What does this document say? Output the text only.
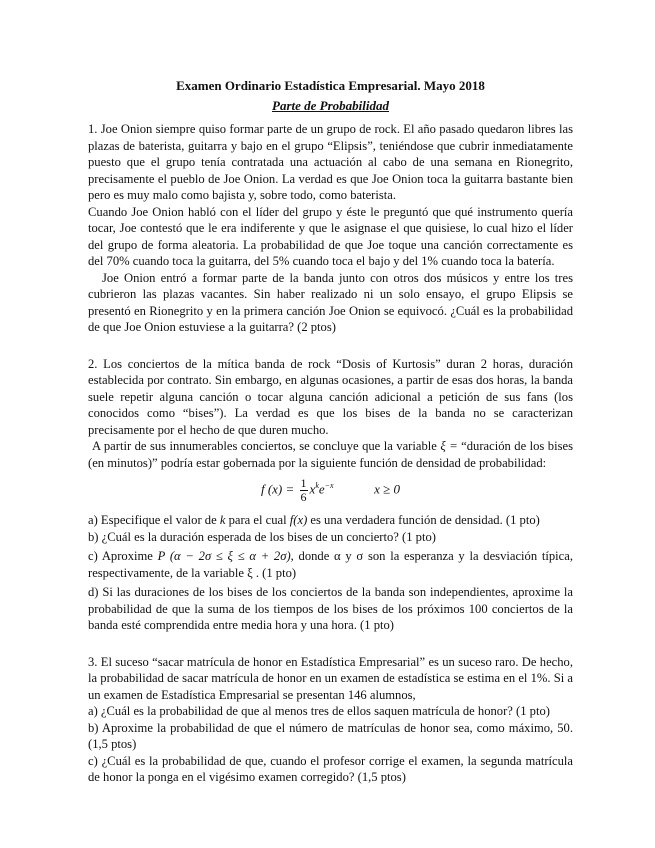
Examen Ordinario Estadística Empresarial. Mayo 2018
Parte de Probabilidad

1. Joe Onion siempre quiso formar parte de un grupo de rock. El año pasado quedaron libres las plazas de baterista, guitarra y bajo en el grupo “Elipsis”, teniéndose que cubrir inmediatamente puesto que el grupo tenía contratada una actuación al cabo de una semana en Rionegrito, precisamente el pueblo de Joe Onion. La verdad es que Joe Onion toca la guitarra bastante bien pero es muy malo como bajista y, sobre todo, como baterista.

Cuando Joe Onion habló con el líder del grupo y éste le preguntó que qué instrumento quería tocar, Joe contestó que le era indiferente y que le asignase el que quisiese, lo cual hizo el líder del grupo de forma aleatoria. La probabilidad de que Joe toque una canción correctamente es del 70% cuando toca la guitarra, del 5% cuando toca el bajo y del 1% cuando toca la batería.

Joe Onion entró a formar parte de la banda junto con otros dos músicos y entre los tres cubrieron las plazas vacantes. Sin haber realizado ni un solo ensayo, el grupo Elipsis se presentó en Rionegrito y en la primera canción Joe Onion se equivocó. ¿Cuál es la probabilidad de que Joe Onion estuviese a la guitarra? (2 ptos)

2. Los conciertos de la mítica banda de rock “Dosis of Kurtosis” duran 2 horas, duración establecida por contrato. Sin embargo, en algunas ocasiones, a partir de esas dos horas, la banda suele repetir alguna canción o tocar alguna canción adicional a petición de sus fans (los conocidos como “bises”). La verdad es que los bises de la banda no se caracterizan precisamente por el hecho de que duren mucho.

A partir de sus innumerables conciertos, se concluye que la variable ξ = “duración de los bises (en minutos)” podría estar gobernada por la siguiente función de densidad de probabilidad:

f $(x) = \frac{1}{6} x^ke^{-x}$	x ≥ 0

a) Especifique el valor de k para el cual f(x) es una verdadera función de densidad. (1 pto)

b) ¿Cuál es la duración esperada de los bises de un concierto? (1 pto)

c) Aproxime P (α − 2σ ≤ ξ ≤ α + 2σ), donde α y σ son la esperanza y la desviación típica, respectivamente, de la variable ξ . (1 pto)

d) Si las duraciones de los bises de los conciertos de la banda son independientes, aproxime la probabilidad de que la suma de los tiempos de los bises de los próximos 100 conciertos de la banda esté comprendida entre media hora y una hora. (1 pto)

3. El suceso “sacar matrícula de honor en Estadística Empresarial” es un suceso raro. De hecho, la probabilidad de sacar matrícula de honor en un examen de estadística se estima en el 1%. Si a un examen de Estadística Empresarial se presentan 146 alumnos,

a) ¿Cuál es la probabilidad de que al menos tres de ellos saquen matrícula de honor? (1 pto)

b) Aproxime la probabilidad de que el número de matrículas de honor sea, como máximo, 50. (1,5 ptos)

c) ¿Cuál es la probabilidad de que, cuando el profesor corrige el examen, la segunda matrícula de honor la ponga en el vigésimo examen corregido? (1,5 ptos)
